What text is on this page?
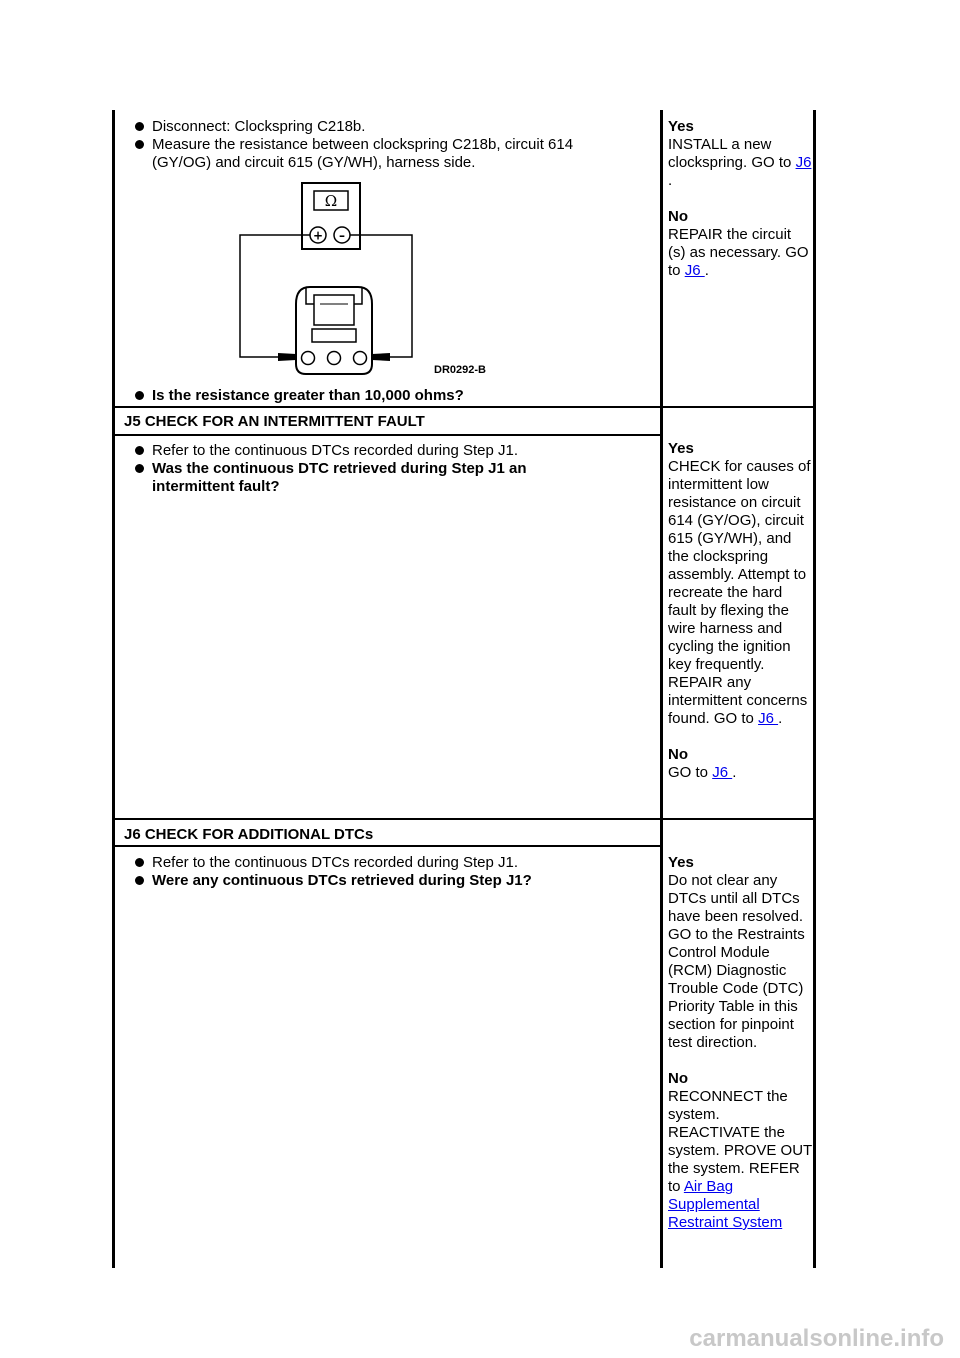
Disconnect: Clockspring C218b.
Measure the resistance between clockspring C218b, circuit 614 (GY/OG) and circuit 615 (GY/WH), harness side.
Ω
+ –
DR0292-B
Is the resistance greater than 10,000 ohms?

Yes

INSTALL a new clockspring. GO to J6 .

No

REPAIR the circuit (s) as necessary. GO to J6 .

J5 CHECK FOR AN INTERMITTENT FAULT
Refer to the continuous DTCs recorded during Step J1.
Was the continuous DTC retrieved during Step J1 an intermittent fault?

Yes

CHECK for causes of intermittent low resistance on circuit 614 (GY/OG), circuit 615 (GY/WH), and the clockspring assembly. Attempt to recreate the hard fault by flexing the wire harness and cycling the ignition key frequently. REPAIR any intermittent concerns found. GO to J6 .

No

GO to J6 .

J6 CHECK FOR ADDITIONAL DTCs
Refer to the continuous DTCs recorded during Step J1.
Were any continuous DTCs retrieved during Step J1?

Yes

Do not clear any DTCs until all DTCs have been resolved. GO to the Restraints Control Module (RCM) Diagnostic Trouble Code (DTC) Priority Table in this section for pinpoint test direction.

No

RECONNECT the system. REACTIVATE the system. PROVE OUT the system. REFER to Air Bag Supplemental Restraint System

carmanualsonline.info
